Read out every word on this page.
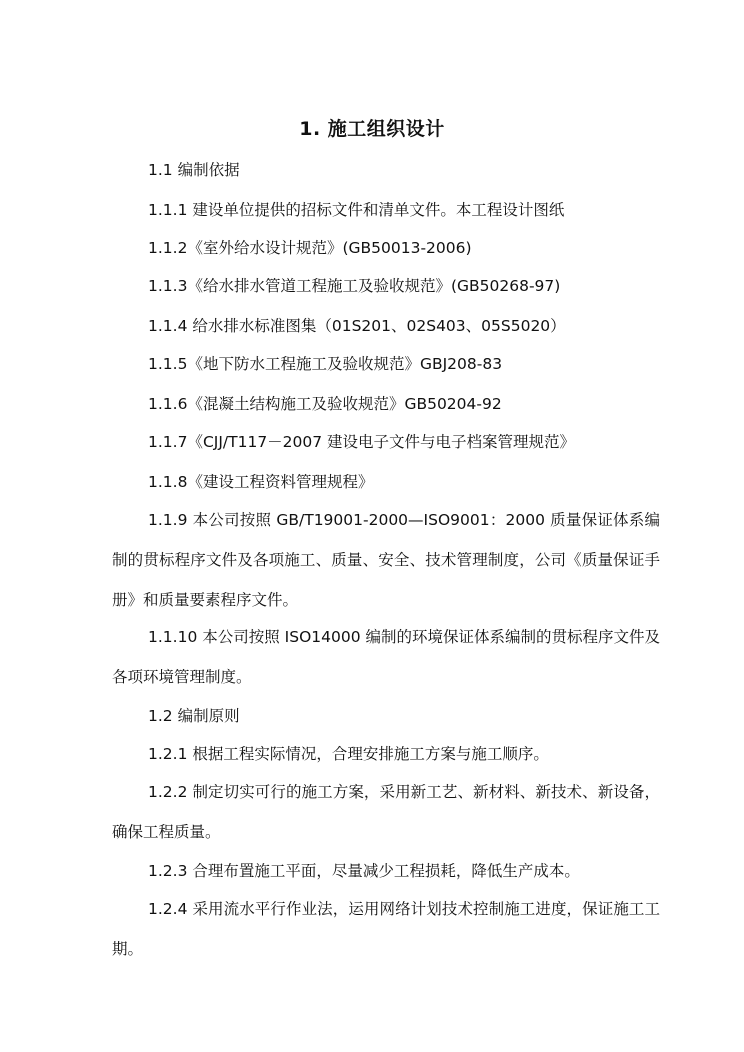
1. 施工组织设计
1.1 编制依据
1.1.1 建设单位提供的招标文件和清单文件。本工程设计图纸
1.1.2《室外给水设计规范》(GB50013-2006)
1.1.3《给水排水管道工程施工及验收规范》(GB50268-97)
1.1.4 给水排水标准图集（01S201、02S403、05S5020）
1.1.5《地下防水工程施工及验收规范》GBJ208-83
1.1.6《混凝土结构施工及验收规范》GB50204-92
1.1.7《CJJ/T117－2007 建设电子文件与电子档案管理规范》
1.1.8《建设工程资料管理规程》
1.1.9 本公司按照 GB/T19001-2000—ISO9001：2000 质量保证体系编制的贯标程序文件及各项施工、质量、安全、技术管理制度，公司《质量保证手册》和质量要素程序文件。
1.1.10 本公司按照 ISO14000 编制的环境保证体系编制的贯标程序文件及各项环境管理制度。
1.2 编制原则
1.2.1 根据工程实际情况，合理安排施工方案与施工顺序。
1.2.2 制定切实可行的施工方案，采用新工艺、新材料、新技术、新设备，确保工程质量。
1.2.3 合理布置施工平面，尽量减少工程损耗，降低生产成本。
1.2.4 采用流水平行作业法，运用网络计划技术控制施工进度，保证施工工期。
